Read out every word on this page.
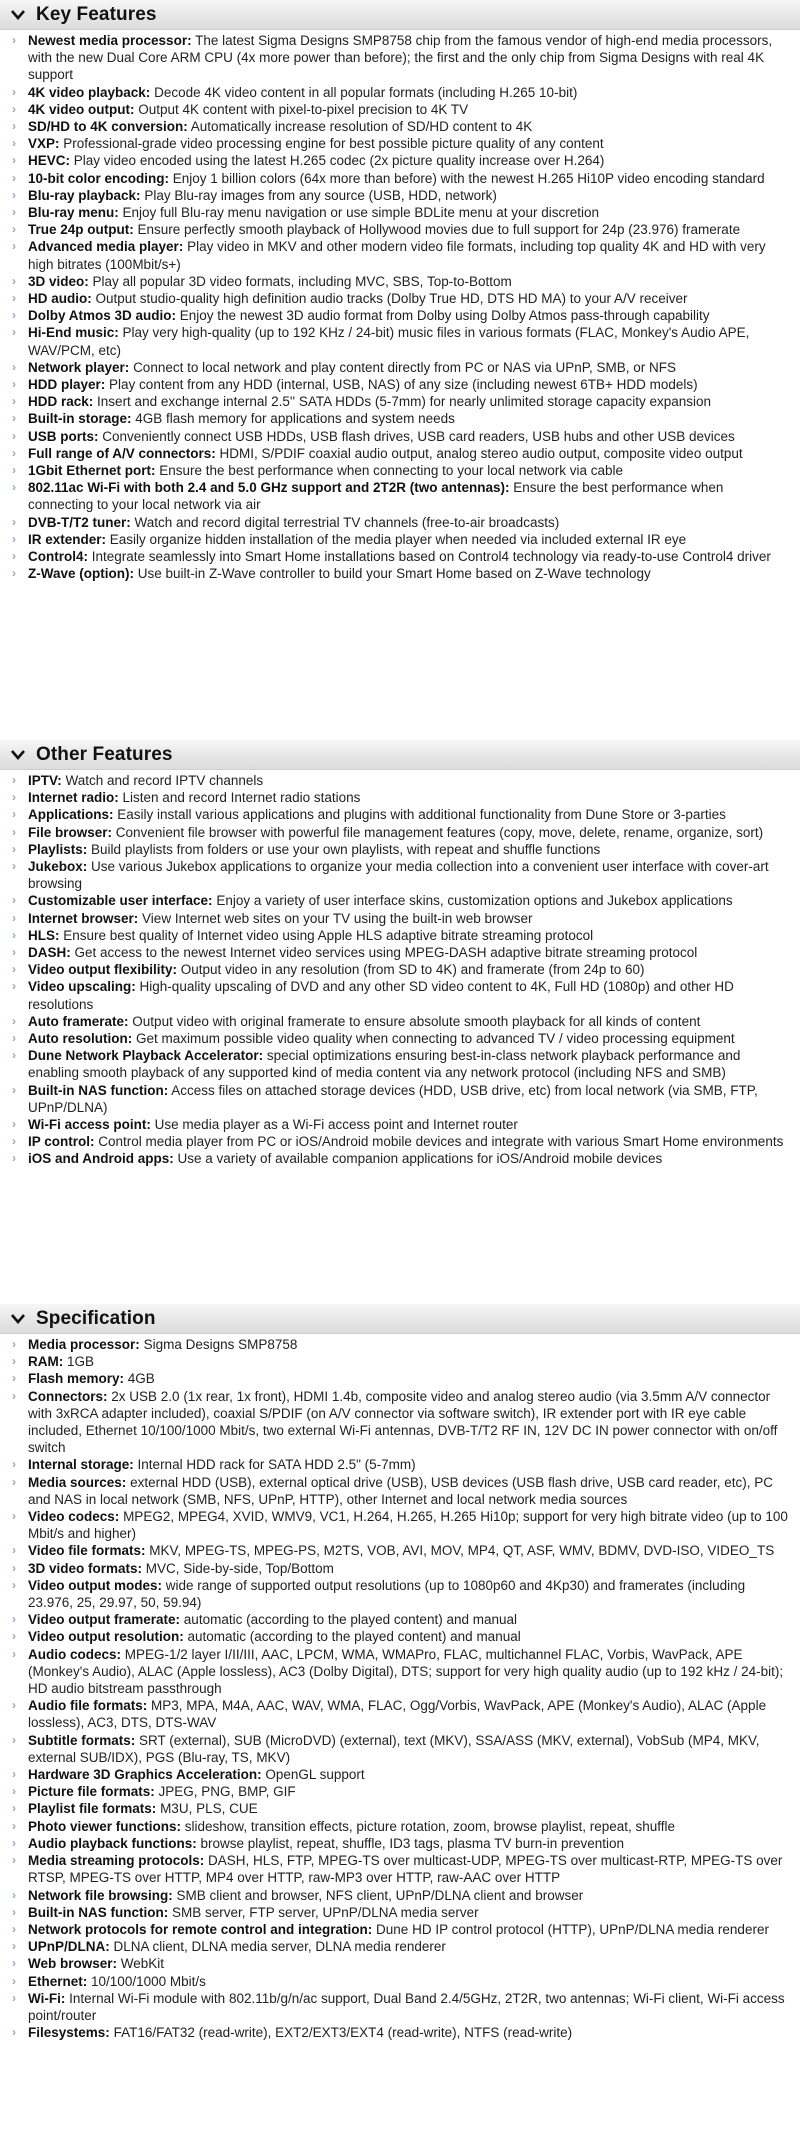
Key Features
› Newest media processor: The latest Sigma Designs SMP8758 chip from the famous vendor of high-end media processors, with the new Dual Core ARM CPU (4x more power than before); the first and the only chip from Sigma Designs with real 4K support
› 4K video playback: Decode 4K video content in all popular formats (including H.265 10-bit)
› 4K video output: Output 4K content with pixel-to-pixel precision to 4K TV
› SD/HD to 4K conversion: Automatically increase resolution of SD/HD content to 4K
› VXP: Professional-grade video processing engine for best possible picture quality of any content
› HEVC: Play video encoded using the latest H.265 codec (2x picture quality increase over H.264)
› 10-bit color encoding: Enjoy 1 billion colors (64x more than before) with the newest H.265 Hi10P video encoding standard
› Blu-ray playback: Play Blu-ray images from any source (USB, HDD, network)
› Blu-ray menu: Enjoy full Blu-ray menu navigation or use simple BDLite menu at your discretion
› True 24p output: Ensure perfectly smooth playback of Hollywood movies due to full support for 24p (23.976) framerate
› Advanced media player: Play video in MKV and other modern video file formats, including top quality 4K and HD with very high bitrates (100Mbit/s+)
› 3D video: Play all popular 3D video formats, including MVC, SBS, Top-to-Bottom
› HD audio: Output studio-quality high definition audio tracks (Dolby True HD, DTS HD MA) to your A/V receiver
› Dolby Atmos 3D audio: Enjoy the newest 3D audio format from Dolby using Dolby Atmos pass-through capability
› Hi-End music: Play very high-quality (up to 192 KHz / 24-bit) music files in various formats (FLAC, Monkey's Audio APE, WAV/PCM, etc)
› Network player: Connect to local network and play content directly from PC or NAS via UPnP, SMB, or NFS
› HDD player: Play content from any HDD (internal, USB, NAS) of any size (including newest 6TB+ HDD models)
› HDD rack: Insert and exchange internal 2.5'' SATA HDDs (5-7mm) for nearly unlimited storage capacity expansion
› Built-in storage: 4GB flash memory for applications and system needs
› USB ports: Conveniently connect USB HDDs, USB flash drives, USB card readers, USB hubs and other USB devices
› Full range of A/V connectors: HDMI, S/PDIF coaxial audio output, analog stereo audio output, composite video output
› 1Gbit Ethernet port: Ensure the best performance when connecting to your local network via cable
› 802.11ac Wi-Fi with both 2.4 and 5.0 GHz support and 2T2R (two antennas): Ensure the best performance when connecting to your local network via air
› DVB-T/T2 tuner: Watch and record digital terrestrial TV channels (free-to-air broadcasts)
› IR extender: Easily organize hidden installation of the media player when needed via included external IR eye
› Control4: Integrate seamlessly into Smart Home installations based on Control4 technology via ready-to-use Control4 driver
› Z-Wave (option): Use built-in Z-Wave controller to build your Smart Home based on Z-Wave technology
Other Features
› IPTV: Watch and record IPTV channels
› Internet radio: Listen and record Internet radio stations
› Applications: Easily install various applications and plugins with additional functionality from Dune Store or 3-parties
› File browser: Convenient file browser with powerful file management features (copy, move, delete, rename, organize, sort)
› Playlists: Build playlists from folders or use your own playlists, with repeat and shuffle functions
› Jukebox: Use various Jukebox applications to organize your media collection into a convenient user interface with cover-art browsing
› Customizable user interface: Enjoy a variety of user interface skins, customization options and Jukebox applications
› Internet browser: View Internet web sites on your TV using the built-in web browser
› HLS: Ensure best quality of Internet video using Apple HLS adaptive bitrate streaming protocol
› DASH: Get access to the newest Internet video services using MPEG-DASH adaptive bitrate streaming protocol
› Video output flexibility: Output video in any resolution (from SD to 4K) and framerate (from 24p to 60)
› Video upscaling: High-quality upscaling of DVD and any other SD video content to 4K, Full HD (1080p) and other HD resolutions
› Auto framerate: Output video with original framerate to ensure absolute smooth playback for all kinds of content
› Auto resolution: Get maximum possible video quality when connecting to advanced TV / video processing equipment
› Dune Network Playback Accelerator: special optimizations ensuring best-in-class network playback performance and enabling smooth playback of any supported kind of media content via any network protocol (including NFS and SMB)
› Built-in NAS function: Access files on attached storage devices (HDD, USB drive, etc) from local network (via SMB, FTP, UPnP/DLNA)
› Wi-Fi access point: Use media player as a Wi-Fi access point and Internet router
› IP control: Control media player from PC or iOS/Android mobile devices and integrate with various Smart Home environments
› iOS and Android apps: Use a variety of available companion applications for iOS/Android mobile devices
Specification
› Media processor: Sigma Designs SMP8758
› RAM: 1GB
› Flash memory: 4GB
› Connectors: 2x USB 2.0 (1x rear, 1x front), HDMI 1.4b, composite video and analog stereo audio (via 3.5mm A/V connector with 3xRCA adapter included), coaxial S/PDIF (on A/V connector via software switch), IR extender port with IR eye cable included, Ethernet 10/100/1000 Mbit/s, two external Wi-Fi antennas, DVB-T/T2 RF IN, 12V DC IN power connector with on/off switch
› Internal storage: Internal HDD rack for SATA HDD 2.5" (5-7mm)
› Media sources: external HDD (USB), external optical drive (USB), USB devices (USB flash drive, USB card reader, etc), PC and NAS in local network (SMB, NFS, UPnP, HTTP), other Internet and local network media sources
› Video codecs: MPEG2, MPEG4, XVID, WMV9, VC1, H.264, H.265, H.265 Hi10p; support for very high bitrate video (up to 100 Mbit/s and higher)
› Video file formats: MKV, MPEG-TS, MPEG-PS, M2TS, VOB, AVI, MOV, MP4, QT, ASF, WMV, BDMV, DVD-ISO, VIDEO_TS
› 3D video formats: MVC, Side-by-side, Top/Bottom
› Video output modes: wide range of supported output resolutions (up to 1080p60 and 4Kp30) and framerates (including 23.976, 25, 29.97, 50, 59.94)
› Video output framerate: automatic (according to the played content) and manual
› Video output resolution: automatic (according to the played content) and manual
› Audio codecs: MPEG-1/2 layer I/II/III, AAC, LPCM, WMA, WMAPro, FLAC, multichannel FLAC, Vorbis, WavPack, APE (Monkey's Audio), ALAC (Apple lossless), AC3 (Dolby Digital), DTS; support for very high quality audio (up to 192 kHz / 24-bit); HD audio bitstream passthrough
› Audio file formats: MP3, MPA, M4A, AAC, WAV, WMA, FLAC, Ogg/Vorbis, WavPack, APE (Monkey's Audio), ALAC (Apple lossless), AC3, DTS, DTS-WAV
› Subtitle formats: SRT (external), SUB (MicroDVD) (external), text (MKV), SSA/ASS (MKV, external), VobSub (MP4, MKV, external SUB/IDX), PGS (Blu-ray, TS, MKV)
› Hardware 3D Graphics Acceleration: OpenGL support
› Picture file formats: JPEG, PNG, BMP, GIF
› Playlist file formats: M3U, PLS, CUE
› Photo viewer functions: slideshow, transition effects, picture rotation, zoom, browse playlist, repeat, shuffle
› Audio playback functions: browse playlist, repeat, shuffle, ID3 tags, plasma TV burn-in prevention
› Media streaming protocols: DASH, HLS, FTP, MPEG-TS over multicast-UDP, MPEG-TS over multicast-RTP, MPEG-TS over RTSP, MPEG-TS over HTTP, MP4 over HTTP, raw-MP3 over HTTP, raw-AAC over HTTP
› Network file browsing: SMB client and browser, NFS client, UPnP/DLNA client and browser
› Built-in NAS function: SMB server, FTP server, UPnP/DLNA media server
› Network protocols for remote control and integration: Dune HD IP control protocol (HTTP), UPnP/DLNA media renderer
› UPnP/DLNA: DLNA client, DLNA media server, DLNA media renderer
› Web browser: WebKit
› Ethernet: 10/100/1000 Mbit/s
› Wi-Fi: Internal Wi-Fi module with 802.11b/g/n/ac support, Dual Band 2.4/5GHz, 2T2R, two antennas; Wi-Fi client, Wi-Fi access point/router
› Filesystems: FAT16/FAT32 (read-write), EXT2/EXT3/EXT4 (read-write), NTFS (read-write)
